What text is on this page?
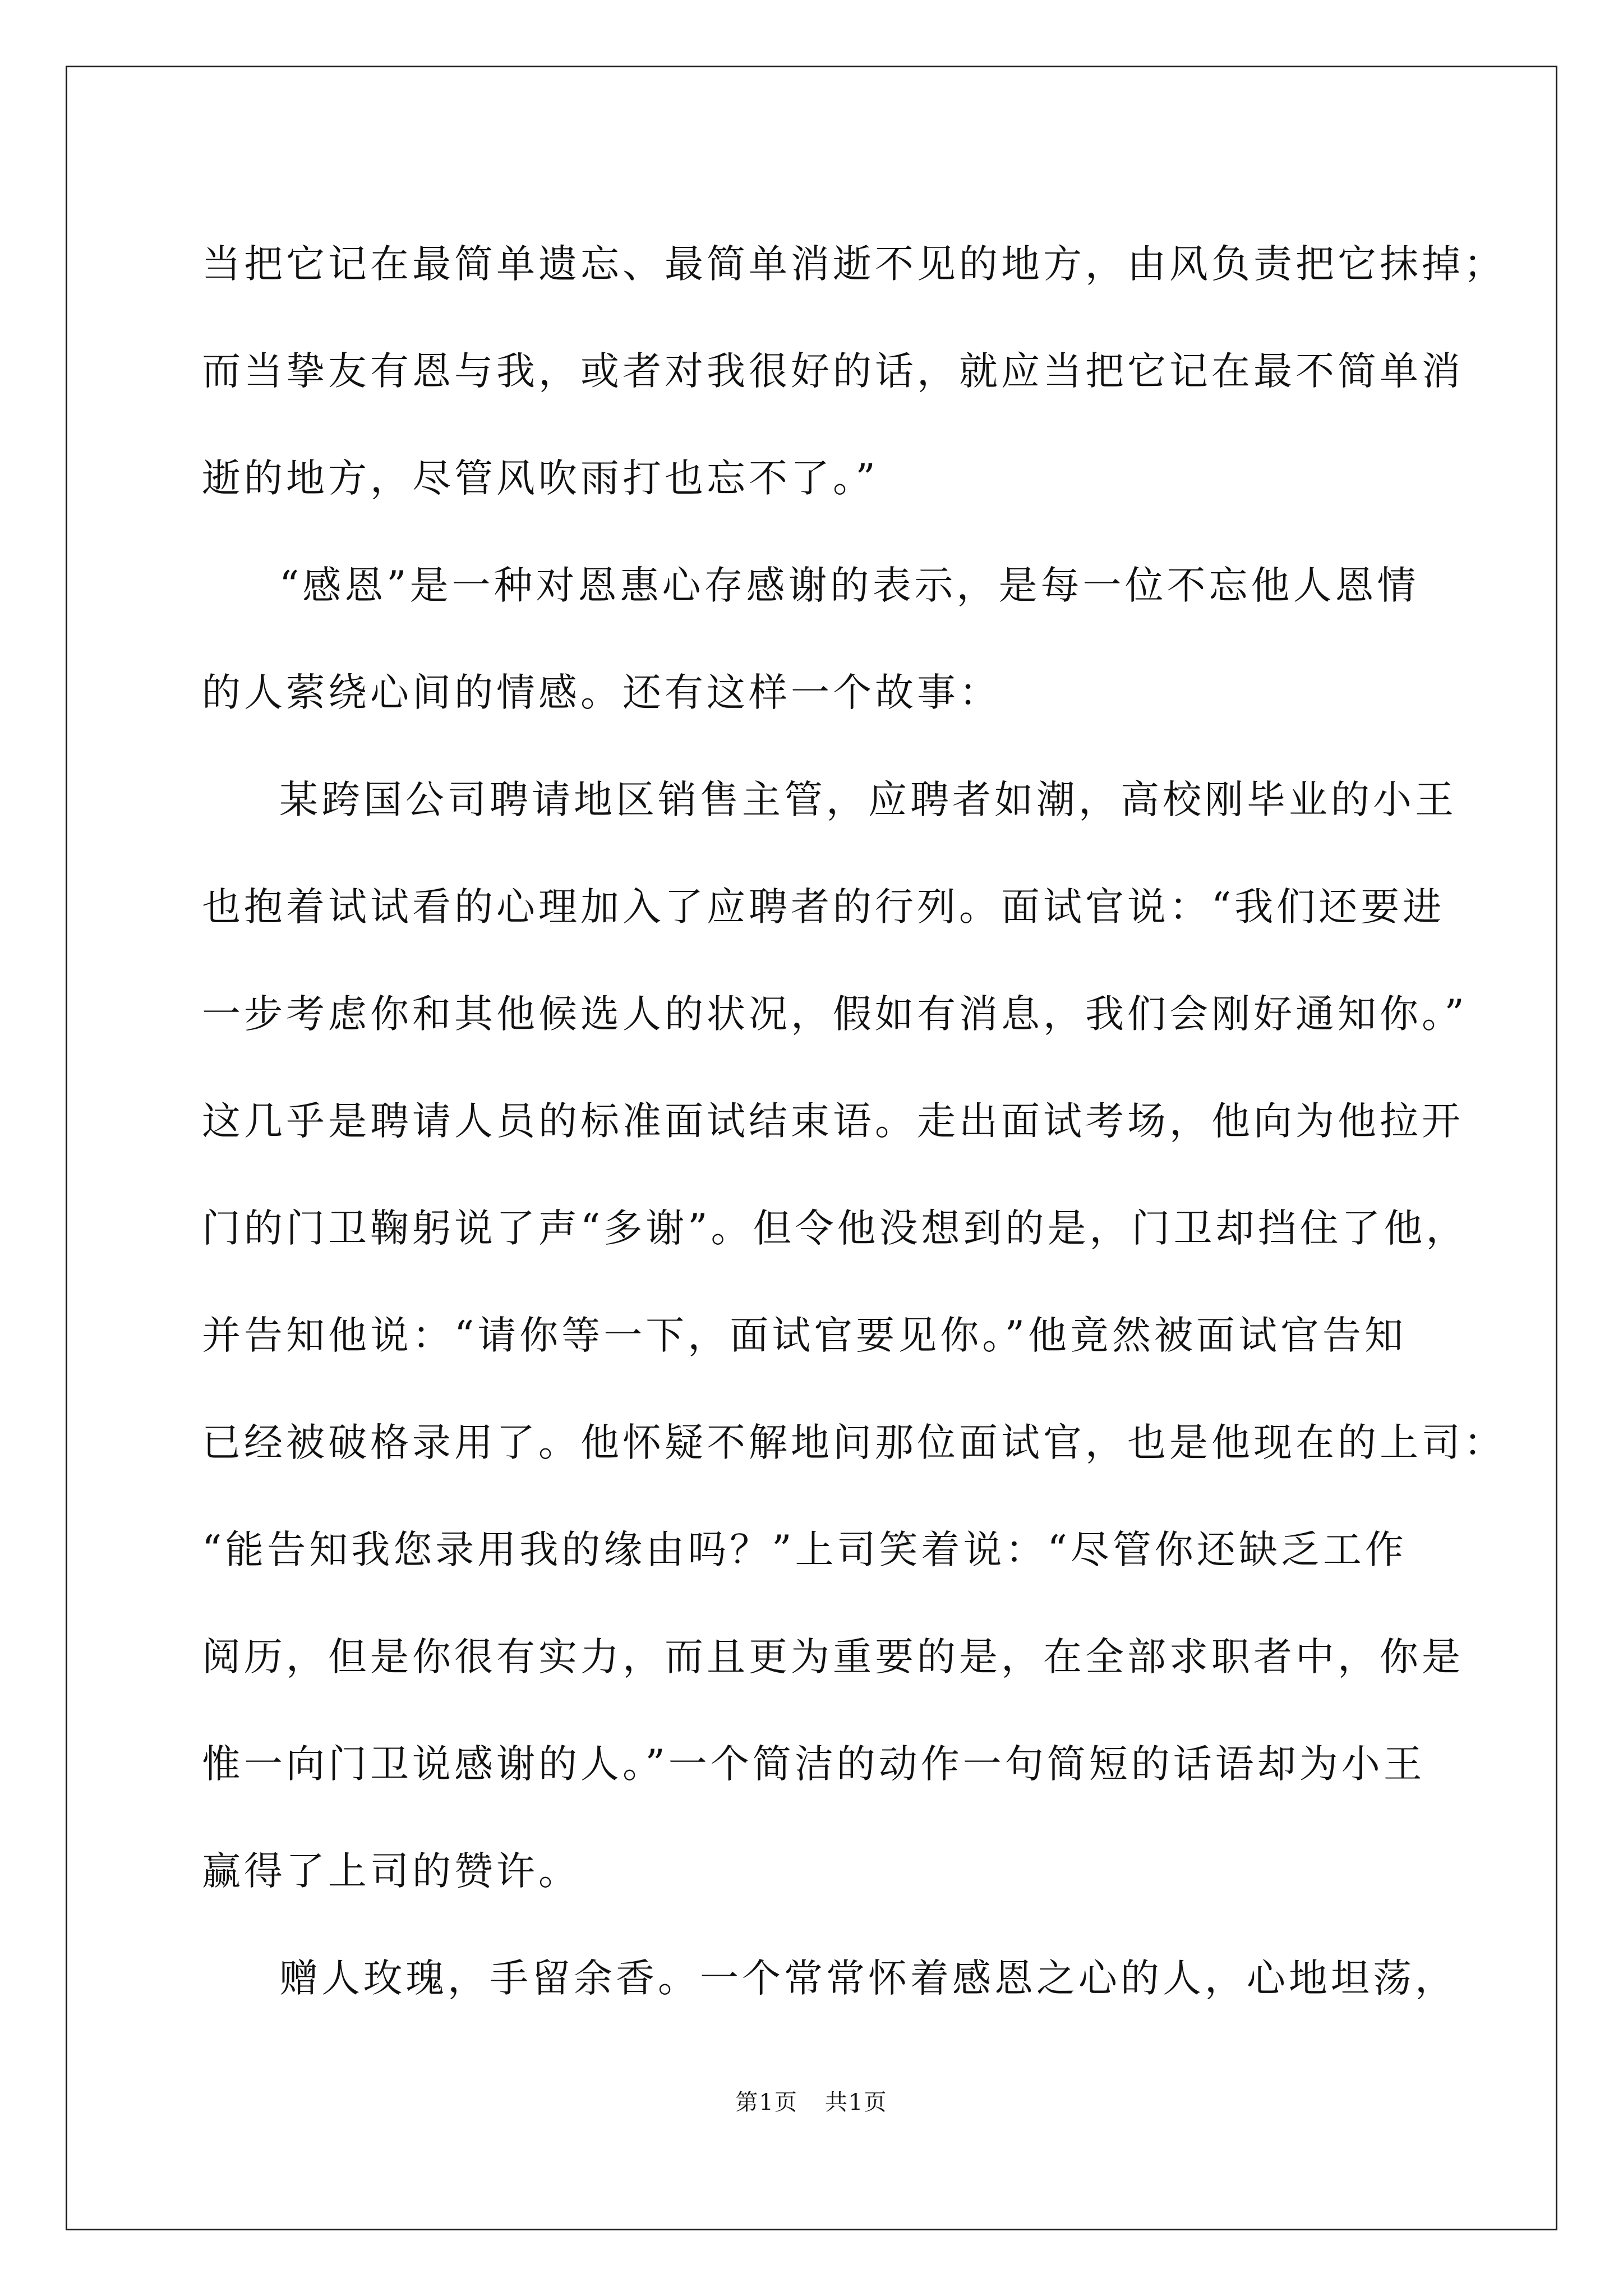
当把它记在最简单遗忘、最简单消逝不见的地方，由风负责把它抹掉；
而当挚友有恩与我，或者对我很好的话，就应当把它记在最不简单消
逝的地方，尽管风吹雨打也忘不了。”
“感恩”是一种对恩惠心存感谢的表示，是每一位不忘他人恩情
的人萦绕心间的情感。还有这样一个故事：
某跨国公司聘请地区销售主管，应聘者如潮，高校刚毕业的小王
也抱着试试看的心理加入了应聘者的行列。面试官说：“我们还要进
一步考虑你和其他候选人的状况，假如有消息，我们会刚好通知你。”
这几乎是聘请人员的标准面试结束语。走出面试考场，他向为他拉开
门的门卫鞠躬说了声“多谢”。但令他没想到的是，门卫却挡住了他，
并告知他说：“请你等一下，面试官要见你。”他竟然被面试官告知
已经被破格录用了。他怀疑不解地问那位面试官，也是他现在的上司：
“能告知我您录用我的缘由吗？”上司笑着说：“尽管你还缺乏工作
阅历，但是你很有实力，而且更为重要的是，在全部求职者中，你是
惟一向门卫说感谢的人。”一个简洁的动作一句简短的话语却为小王
赢得了上司的赞许。
赠人玫瑰，手留余香。一个常常怀着感恩之心的人，心地坦荡，
第1页 共1页
